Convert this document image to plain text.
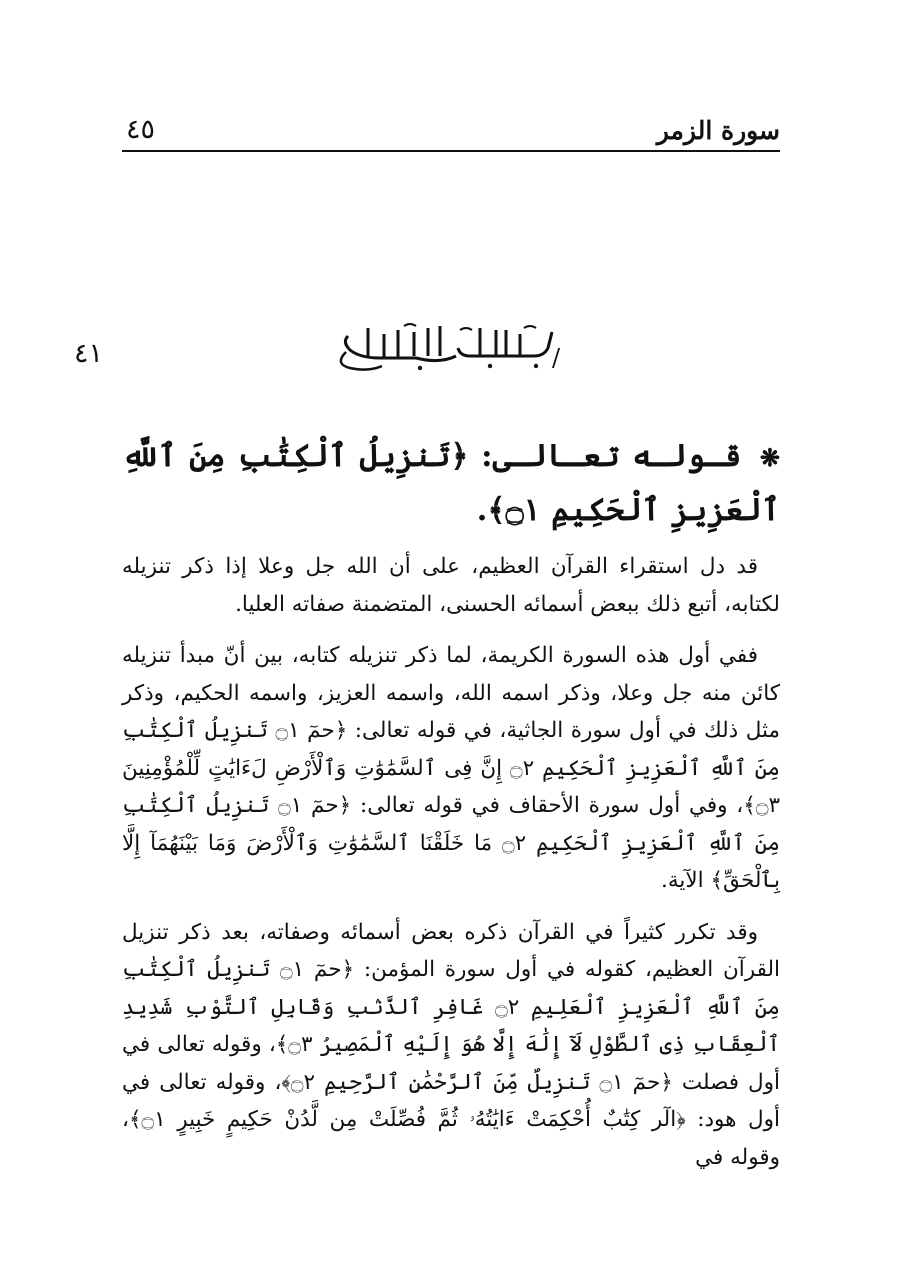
سورة الزمر
٤٥
٤١	/

❋ قـولـه تعـالـى: ﴿تَنزِيلُ ٱلْكِتَٰبِ مِنَ ٱللَّهِ ٱلْعَزِيزِ ٱلْحَكِيمِ ۝١﴾.

قد دل استقراء القرآن العظيم، على أن الله جل وعلا إذا ذكر تنزيله لكتابه، أتبع ذلك ببعض أسمائه الحسنى، المتضمنة صفاته العليا.

ففي أول هذه السورة الكريمة، لما ذكر تنزيله كتابه، بين أنّ مبدأ تنزيله كائن منه جل وعلا، وذكر اسمه الله، واسمه العزيز، واسمه الحكيم، وذكر مثل ذلك في أول سورة الجاثية، في قوله تعالى: ﴿حمٓ ۝١ تَنزِيلُ ٱلْكِتَٰبِ مِنَ ٱللَّهِ ٱلْعَزِيزِ ٱلْحَكِيمِ ۝٢ إِنَّ فِى ٱلسَّمَٰوَٰتِ وَٱلْأَرْضِ لَءَايَٰتٍ لِّلْمُؤْمِنِينَ ۝٣﴾، وفي أول سورة الأحقاف في قوله تعالى: ﴿حمٓ ۝١ تَنزِيلُ ٱلْكِتَٰبِ مِنَ ٱللَّهِ ٱلْعَزِيزِ ٱلْحَكِيمِ ۝٢ مَا خَلَقْنَا ٱلسَّمَٰوَٰتِ وَٱلْأَرْضَ وَمَا بَيْنَهُمَآ إِلَّا بِٱلْحَقِّ﴾ الآية.

وقد تكرر كثيراً في القرآن ذكره بعض أسمائه وصفاته، بعد ذكر تنزيل القرآن العظيم، كقوله في أول سورة المؤمن: ﴿حمٓ ۝١ تَنزِيلُ ٱلْكِتَٰبِ مِنَ ٱللَّهِ ٱلْعَزِيزِ ٱلْعَلِيمِ ۝٢ غَافِرِ ٱلذَّنۢبِ وَقَابِلِ ٱلتَّوْبِ شَدِيدِ ٱلْعِقَابِ ذِى ٱلطَّوْلِ لَآ إِلَٰهَ إِلَّا هُوَ إِلَيْهِ ٱلْمَصِيرُ ۝٣﴾، وقوله تعالى في أول فصلت ﴿حمٓ ۝١ تَنزِيلٌ مِّنَ ٱلرَّحْمَٰنِ ٱلرَّحِيمِ ۝٢﴾، وقوله تعالى في أول هود: ﴿الٓر كِتَٰبٌ أُحْكِمَتْ ءَايَٰتُهُۥ ثُمَّ فُصِّلَتْ مِن لَّدُنْ حَكِيمٍ خَبِيرٍ ۝١﴾، وقوله في
